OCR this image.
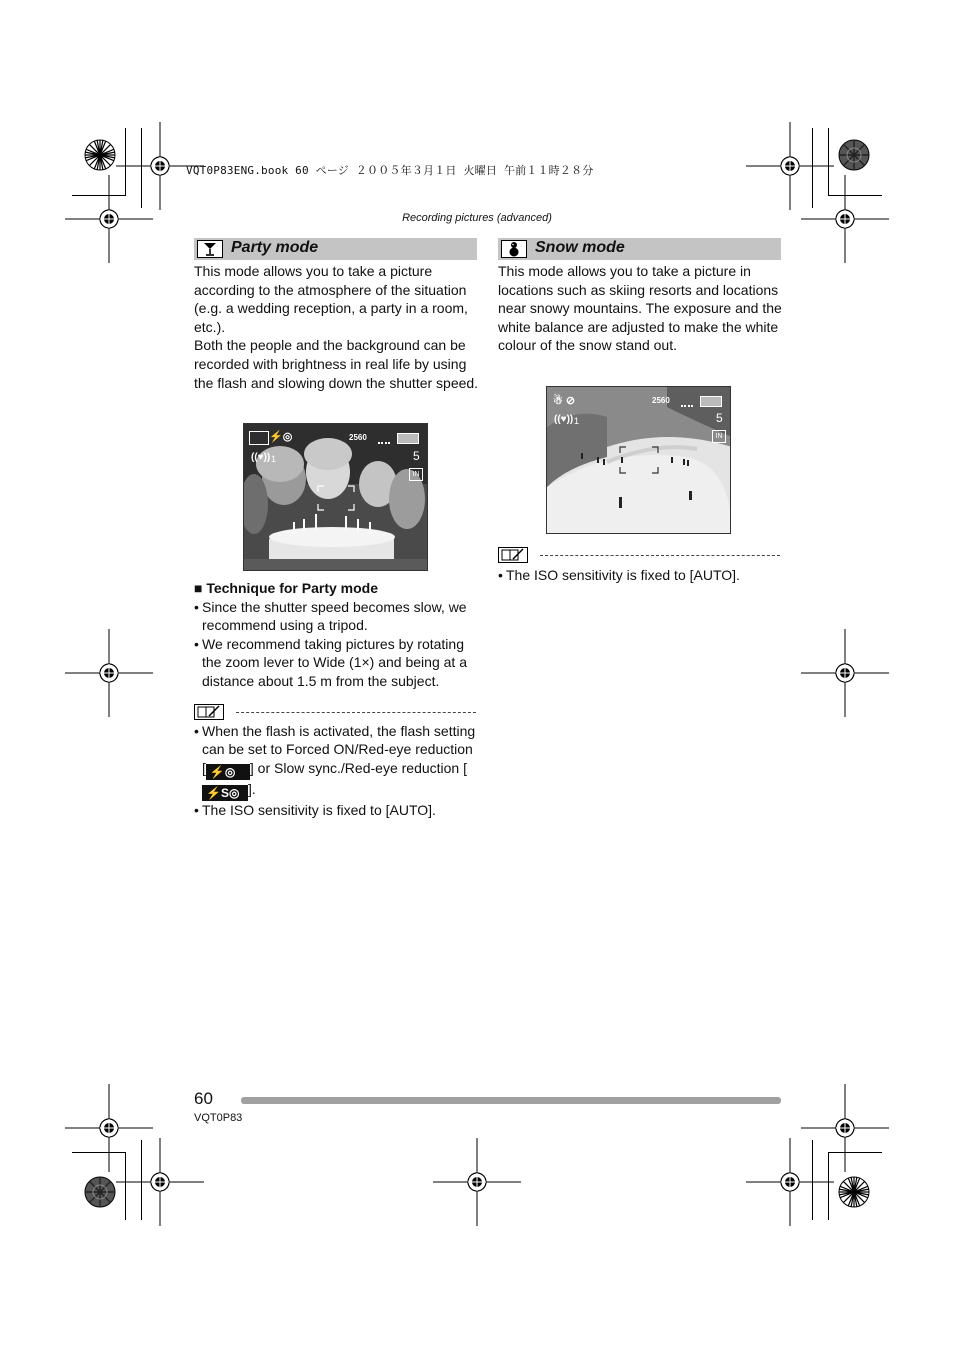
VQT0P83ENG.book 60 ページ ２００５年３月１日 火曜日 午前１１時２８分
Recording pictures (advanced)
Party mode

This mode allows you to take a picture according to the atmosphere of the situation (e.g. a wedding reception, a party in a room, etc.).

Both the people and the background can be recorded with brightness in real life by using the flash and slowing down the shutter speed.

⚡◎	2560
((♥)) 1	5
IN
■ Technique for Party mode
• Since the shutter speed becomes slow, we recommend using a tripod.
• We recommend taking pictures by rotating the zoom lever to Wide (1×) and being at a distance about 1.5 m from the subject.
• When the flash is activated, the flash setting can be set to Forced ON/Red-eye reduction [ ⚡◎ ] or Slow sync./Red-eye reduction [⚡S◎ ].
• The ISO sensitivity is fixed to [AUTO].
Snow mode

This mode allows you to take a picture in locations such as skiing resorts and locations near snowy mountains. The exposure and the white balance are adjusted to make the white colour of the snow stand out.

☃ ⊘	2560
((♥)) 1	5
IN
• The ISO sensitivity is fixed to [AUTO].
60
VQT0P83
